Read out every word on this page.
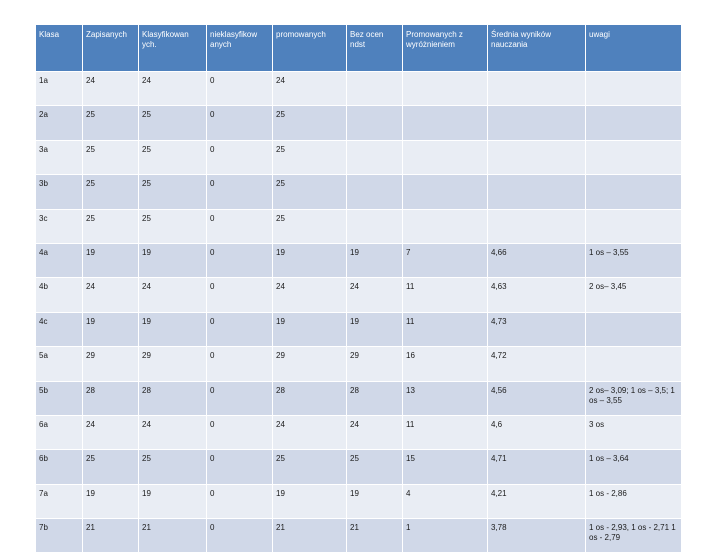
Klasa	Zapisanych	Klasyfikowan ych.	nieklasyfikow anych	promowanych	Bez ocen ndst	Promowanych z wyróżnieniem	Średnia wyników nauczania	uwagi
1a	24	24	0	24				
2a	25	25	0	25				
3a	25	25	0	25				
3b	25	25	0	25				
3c	25	25	0	25				
4a	19	19	0	19	19	7	4,66	1 os – 3,55
4b	24	24	0	24	24	11	4,63	2 os– 3,45
4c	19	19	0	19	19	11	4,73	
5a	29	29	0	29	29	16	4,72	
5b	28	28	0	28	28	13	4,56	2 os– 3,09; 1 os – 3,5; 1 os – 3,55
6a	24	24	0	24	24	11	4,6	3 os
6b	25	25	0	25	25	15	4,71	1 os – 3,64
7a	19	19	0	19	19	4	4,21	1 os - 2,86
7b	21	21	0	21	21	1	3,78	1 os - 2,93, 1 os - 2,71 1 os - 2,79
